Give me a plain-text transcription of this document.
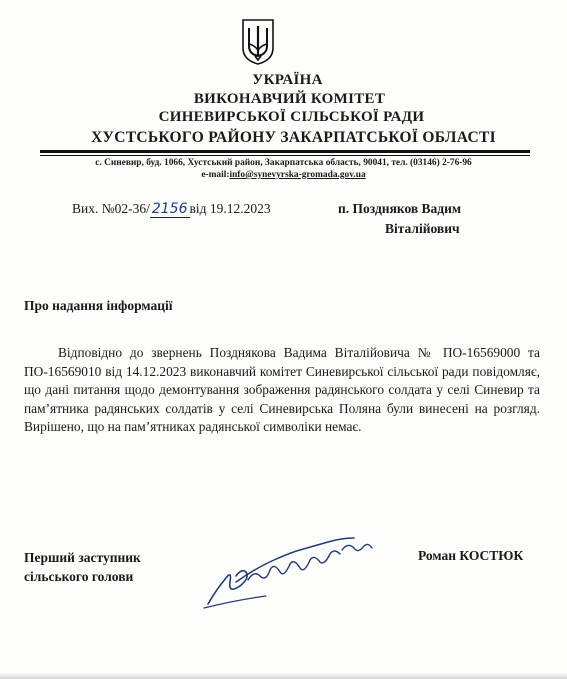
УКРАЇНА
ВИКОНАВЧИЙ КОМІТЕТ
СИНЕВИРСЬКОЇ СІЛЬСЬКОЇ РАДИ
ХУСТСЬКОГО РАЙОНУ ЗАКАРПАТСЬКОЇ ОБЛАСТІ
с. Синевир, буд. 1066, Хустський район, Закарпатська область, 90041, тел. (03146) 2-76-96
e-mail:info@synevyrska-gromada.gov.ua
Вих. №02-36/ 2156 від 19.12.2023	п. Поздняков Вадим
Віталійович
Про надання інформації
Відповідно до звернень Позднякова Вадима Віталійовича № ПО-16569000 та ПО-16569010 від 14.12.2023 виконавчий комітет Синевирської сільської ради повідомляє, що дані питання щодо демонтування зображення радянського солдата у селі Синевир та пам’ятника радянських солдатів у селі Синевирська Поляна були винесені на розгляд. Вирішено, що на пам’ятниках радянської символіки немає.
Перший заступник
сільського голови
Роман КОСТЮК
